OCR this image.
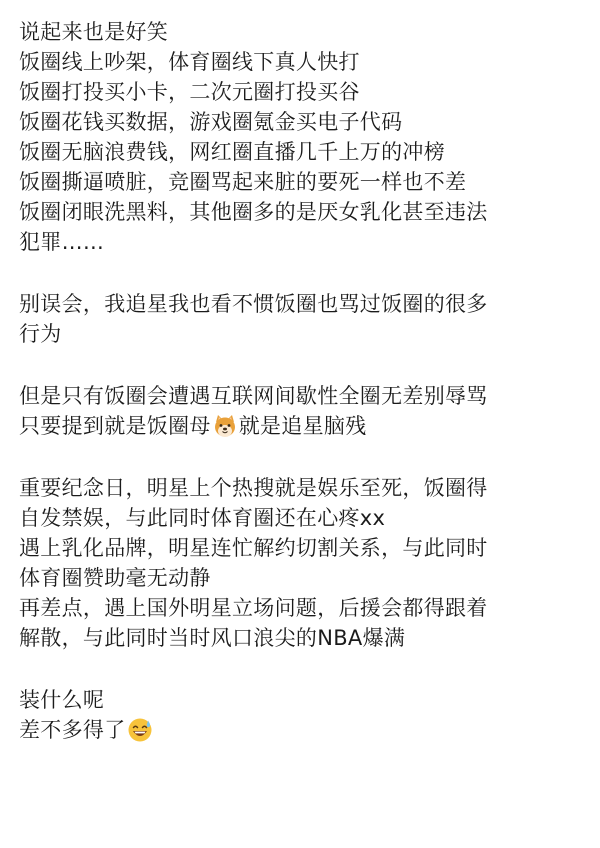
说起来也是好笑
饭圈线上吵架，体育圈线下真人快打
饭圈打投买小卡，二次元圈打投买谷
饭圈花钱买数据，游戏圈氪金买电子代码
饭圈无脑浪费钱，网红圈直播几千上万的冲榜
饭圈撕逼喷脏，竞圈骂起来脏的要死一样也不差
饭圈闭眼洗黑料，其他圈多的是厌女乳化甚至违法
犯罪……
别误会，我追星我也看不惯饭圈也骂过饭圈的很多
行为
但是只有饭圈会遭遇互联网间歇性全圈无差别辱骂
只要提到就是饭圈母 就是追星脑残
重要纪念日，明星上个热搜就是娱乐至死，饭圈得
自发禁娱，与此同时体育圈还在心疼xx
遇上乳化品牌，明星连忙解约切割关系，与此同时
体育圈赞助毫无动静
再差点，遇上国外明星立场问题，后援会都得跟着
解散，与此同时当时风口浪尖的NBA爆满
装什么呢
差不多得了
